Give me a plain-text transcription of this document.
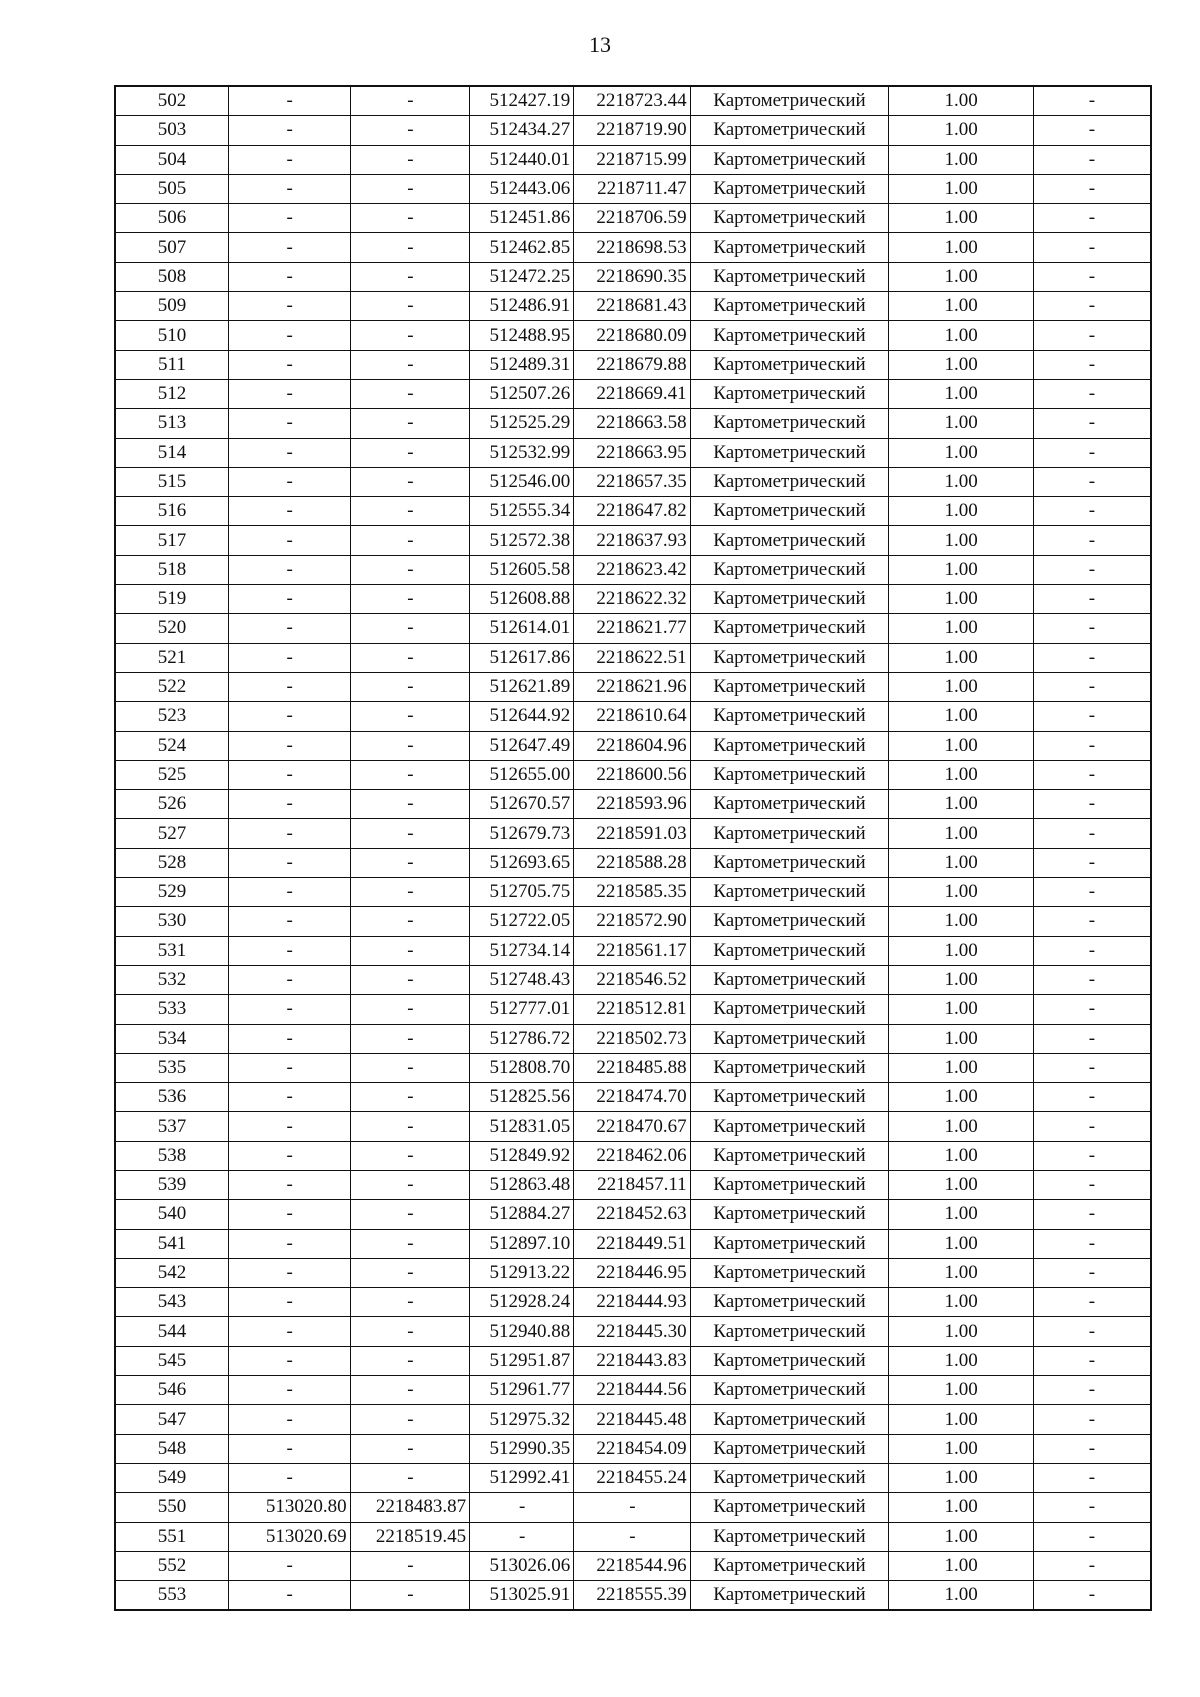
13
502	-	-	512427.19	2218723.44	Картометрический	1.00	-
503	-	-	512434.27	2218719.90	Картометрический	1.00	-
504	-	-	512440.01	2218715.99	Картометрический	1.00	-
505	-	-	512443.06	2218711.47	Картометрический	1.00	-
506	-	-	512451.86	2218706.59	Картометрический	1.00	-
507	-	-	512462.85	2218698.53	Картометрический	1.00	-
508	-	-	512472.25	2218690.35	Картометрический	1.00	-
509	-	-	512486.91	2218681.43	Картометрический	1.00	-
510	-	-	512488.95	2218680.09	Картометрический	1.00	-
511	-	-	512489.31	2218679.88	Картометрический	1.00	-
512	-	-	512507.26	2218669.41	Картометрический	1.00	-
513	-	-	512525.29	2218663.58	Картометрический	1.00	-
514	-	-	512532.99	2218663.95	Картометрический	1.00	-
515	-	-	512546.00	2218657.35	Картометрический	1.00	-
516	-	-	512555.34	2218647.82	Картометрический	1.00	-
517	-	-	512572.38	2218637.93	Картометрический	1.00	-
518	-	-	512605.58	2218623.42	Картометрический	1.00	-
519	-	-	512608.88	2218622.32	Картометрический	1.00	-
520	-	-	512614.01	2218621.77	Картометрический	1.00	-
521	-	-	512617.86	2218622.51	Картометрический	1.00	-
522	-	-	512621.89	2218621.96	Картометрический	1.00	-
523	-	-	512644.92	2218610.64	Картометрический	1.00	-
524	-	-	512647.49	2218604.96	Картометрический	1.00	-
525	-	-	512655.00	2218600.56	Картометрический	1.00	-
526	-	-	512670.57	2218593.96	Картометрический	1.00	-
527	-	-	512679.73	2218591.03	Картометрический	1.00	-
528	-	-	512693.65	2218588.28	Картометрический	1.00	-
529	-	-	512705.75	2218585.35	Картометрический	1.00	-
530	-	-	512722.05	2218572.90	Картометрический	1.00	-
531	-	-	512734.14	2218561.17	Картометрический	1.00	-
532	-	-	512748.43	2218546.52	Картометрический	1.00	-
533	-	-	512777.01	2218512.81	Картометрический	1.00	-
534	-	-	512786.72	2218502.73	Картометрический	1.00	-
535	-	-	512808.70	2218485.88	Картометрический	1.00	-
536	-	-	512825.56	2218474.70	Картометрический	1.00	-
537	-	-	512831.05	2218470.67	Картометрический	1.00	-
538	-	-	512849.92	2218462.06	Картометрический	1.00	-
539	-	-	512863.48	2218457.11	Картометрический	1.00	-
540	-	-	512884.27	2218452.63	Картометрический	1.00	-
541	-	-	512897.10	2218449.51	Картометрический	1.00	-
542	-	-	512913.22	2218446.95	Картометрический	1.00	-
543	-	-	512928.24	2218444.93	Картометрический	1.00	-
544	-	-	512940.88	2218445.30	Картометрический	1.00	-
545	-	-	512951.87	2218443.83	Картометрический	1.00	-
546	-	-	512961.77	2218444.56	Картометрический	1.00	-
547	-	-	512975.32	2218445.48	Картометрический	1.00	-
548	-	-	512990.35	2218454.09	Картометрический	1.00	-
549	-	-	512992.41	2218455.24	Картометрический	1.00	-
550	513020.80	2218483.87	-	-	Картометрический	1.00	-
551	513020.69	2218519.45	-	-	Картометрический	1.00	-
552	-	-	513026.06	2218544.96	Картометрический	1.00	-
553	-	-	513025.91	2218555.39	Картометрический	1.00	-
